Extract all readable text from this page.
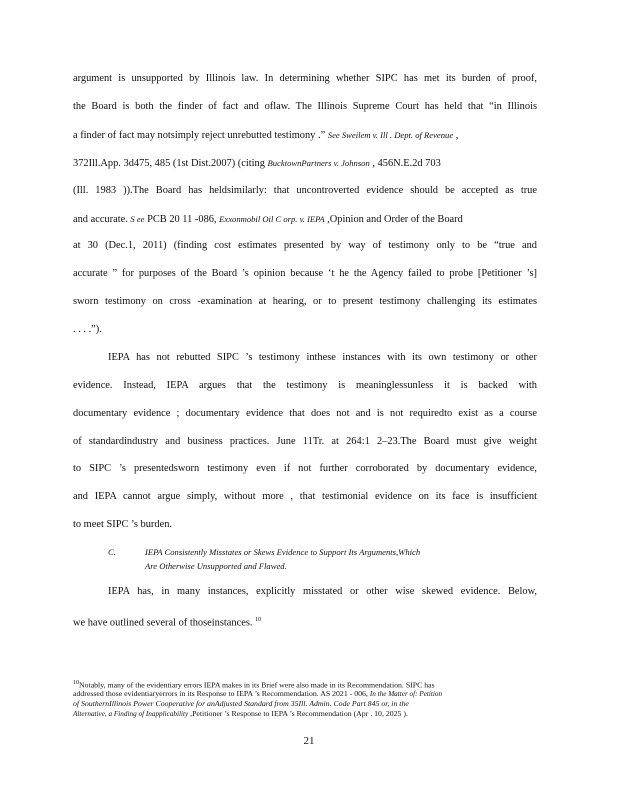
argument is unsupported by Illinois law. In determining whether SIPC has met its burden of proof,
the Board is both the finder of fact and oflaw. The Illinois Supreme Court has held that “in Illinois
a finder of fact may notsimply reject unrebutted testimony .” See Sweilem v. Ill . Dept. of Revenue ,
372Ill.App. 3d475, 485 (1st Dist.2007) (citing BucktownPartners v. Johnson , 456N.E.2d 703
(Ill. 1983 )).The Board has heldsimilarly: that uncontroverted evidence should be accepted as true
and accurate. S ee PCB 20 11 -086, Exxonmobil Oil C orp. v. IEPA ,Opinion and Order of the Board
at 30 (Dec.1, 2011) (finding cost estimates presented by way of testimony only to be “true and
accurate ” for purposes of the Board ’s opinion because ‘t he the Agency failed to probe [Petitioner ’s]
sworn testimony on cross -examination at hearing, or to present testimony challenging its estimates
. . . .”).
IEPA has not rebutted SIPC ’s testimony inthese instances with its own testimony or other
evidence. Instead, IEPA argues that the testimony is meaninglessunless it is backed with
documentary evidence ; documentary evidence that does not and is not requiredto exist as a course
of standardindustry and business practices. June 11Tr. at 264:1 2–23.The Board must give weight
to SIPC ’s presentedsworn testimony even if not further corroborated by documentary evidence,
and IEPA cannot argue simply, without more , that testimonial evidence on its face is insufficient
to meet SIPC ’s burden.
C.	IEPA Consistently Misstates or Skews Evidence to Support Its Arguments,Which
Are Otherwise Unsupported and Flawed.
IEPA has, in many instances, explicitly misstated or other wise skewed evidence. Below,
we have outlined several of thoseinstances. $^{10}$
$^{10}$Notably, many of the evidentiary errors IEPA makes in its Brief were also made in its Recommendation. SIPC has
addressed those evidentiaryerrors in its Response to IEPA ’s Recommendation. AS 2021 - 006, In the Matter of: Petition
of SouthernIllinois Power Cooperative for anAdjusted Standard from 35Ill. Admin. Code Part 845 or, in the
Alternative, a Finding of Inapplicability ,Petitioner ’s Response to IEPA ’s Recommendation (Apr . 10, 2025 ).
21
